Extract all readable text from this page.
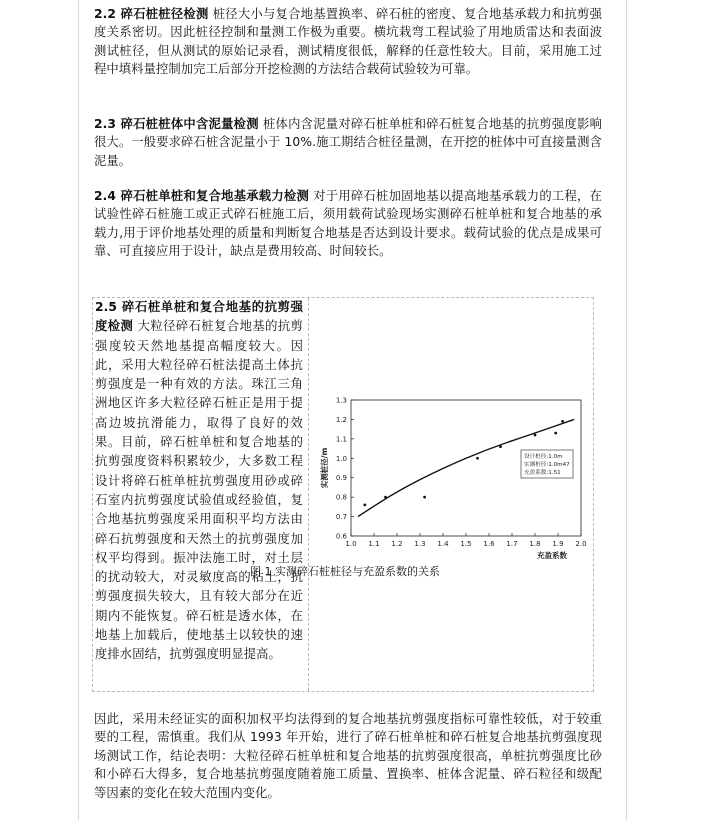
2.2 碎石桩桩径检测 桩径大小与复合地基置换率、碎石桩的密度、复合地基承载力和抗剪强度关系密切。因此桩径控制和量测工作极为重要。横坑栽弯工程试验了用地质雷达和表面波测试桩径，但从测试的原始记录看，测试精度很低，解释的任意性较大。目前，采用施工过程中填料量控制加完工后部分开挖检测的方法结合载荷试验较为可靠。
2.3 碎石桩桩体中含泥量检测 桩体内含泥量对碎石桩单桩和碎石桩复合地基的抗剪强度影响很大。一般要求碎石桩含泥量小于 10%.施工期结合桩径量测，在开挖的桩体中可直接量测含泥量。
2.4 碎石桩单桩和复合地基承载力检测 对于用碎石桩加固地基以提高地基承载力的工程，在试验性碎石桩施工或正式碎石桩施工后，须用载荷试验现场实测碎石桩单桩和复合地基的承载力,用于评价地基处理的质量和判断复合地基是否达到设计要求。载荷试验的优点是成果可靠、可直接应用于设计，缺点是费用较高、时间较长。
2.5 碎石桩单桩和复合地基的抗剪强度检测 大粒径碎石桩复合地基的抗剪强度较天然地基提高幅度较大。因此，采用大粒径碎石桩法提高土体抗剪强度是一种有效的方法。珠江三角洲地区许多大粒径碎石桩正是用于提高边坡抗滑能力，取得了良好的效果。目前，碎石桩单桩和复合地基的抗剪强度资料积累较少，大多数工程设计将碎石桩单桩抗剪强度用砂或碎石室内抗剪强度试验值或经验值，复合地基抗剪强度采用面积平均方法由碎石抗剪强度和天然土的抗剪强度加权平均得到。振冲法施工时，对土层的扰动较大，对灵敏度高的粘土，抗剪强度损失较大，且有较大部分在近期内不能恢复。碎石桩是透水体，在地基上加载后，使地基土以较快的速度排水固结，抗剪强度明显提高。
1.0 1.1 1.2 1.3 1.4 1.5 1.6 1.7 1.8 1.9 2.0
0.6
0.7
0.8
0.9
1.0
1.1
1.2
1.3
充盈系数
实测桩径/m	设计桩径:1.0m
实测桩径:1.0m47
充盈系数:1.51
图 1 实测碎石桩桩径与充盈系数的关系
因此，采用未经证实的面积加权平均法得到的复合地基抗剪强度指标可靠性较低，对于较重要的工程，需慎重。我们从 1993 年开始，进行了碎石桩单桩和碎石桩复合地基抗剪强度现场测试工作，结论表明：大粒径碎石桩单桩和复合地基的抗剪强度很高，单桩抗剪强度比砂和小碎石大得多，复合地基抗剪强度随着施工质量、置换率、桩体含泥量、碎石粒径和级配等因素的变化在较大范围内变化。
